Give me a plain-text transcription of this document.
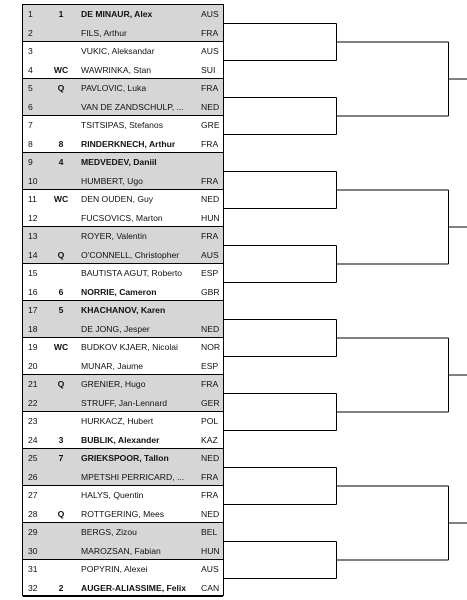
1	1	DE MINAUR, Alex	AUS
2	FILS, Arthur	FRA
3	VUKIC, Aleksandar	AUS
4	WC	WAWRINKA, Stan	SUI
5	Q	PAVLOVIC, Luka	FRA
6	VAN DE ZANDSCHULP, ...	NED
7	TSITSIPAS, Stefanos	GRE
8	8	RINDERKNECH, Arthur	FRA
9	4	MEDVEDEV, Daniil
10	HUMBERT, Ugo	FRA
11	WC	DEN OUDEN, Guy	NED
12	FUCSOVICS, Marton	HUN
13	ROYER, Valentin	FRA
14	Q	O'CONNELL, Christopher	AUS
15	BAUTISTA AGUT, Roberto	ESP
16	6	NORRIE, Cameron	GBR
17	5	KHACHANOV, Karen
18	DE JONG, Jesper	NED
19	WC	BUDKOV KJAER, Nicolai	NOR
20	MUNAR, Jaume	ESP
21	Q	GRENIER, Hugo	FRA
22	STRUFF, Jan-Lennard	GER
23	HURKACZ, Hubert	POL
24	3	BUBLIK, Alexander	KAZ
25	7	GRIEKSPOOR, Tallon	NED
26	MPETSHI PERRICARD, ...	FRA
27	HALYS, Quentin	FRA
28	Q	ROTTGERING, Mees	NED
29	BERGS, Zizou	BEL
30	MAROZSAN, Fabian	HUN
31	POPYRIN, Alexei	AUS
32	2	AUGER-ALIASSIME, Felix	CAN
